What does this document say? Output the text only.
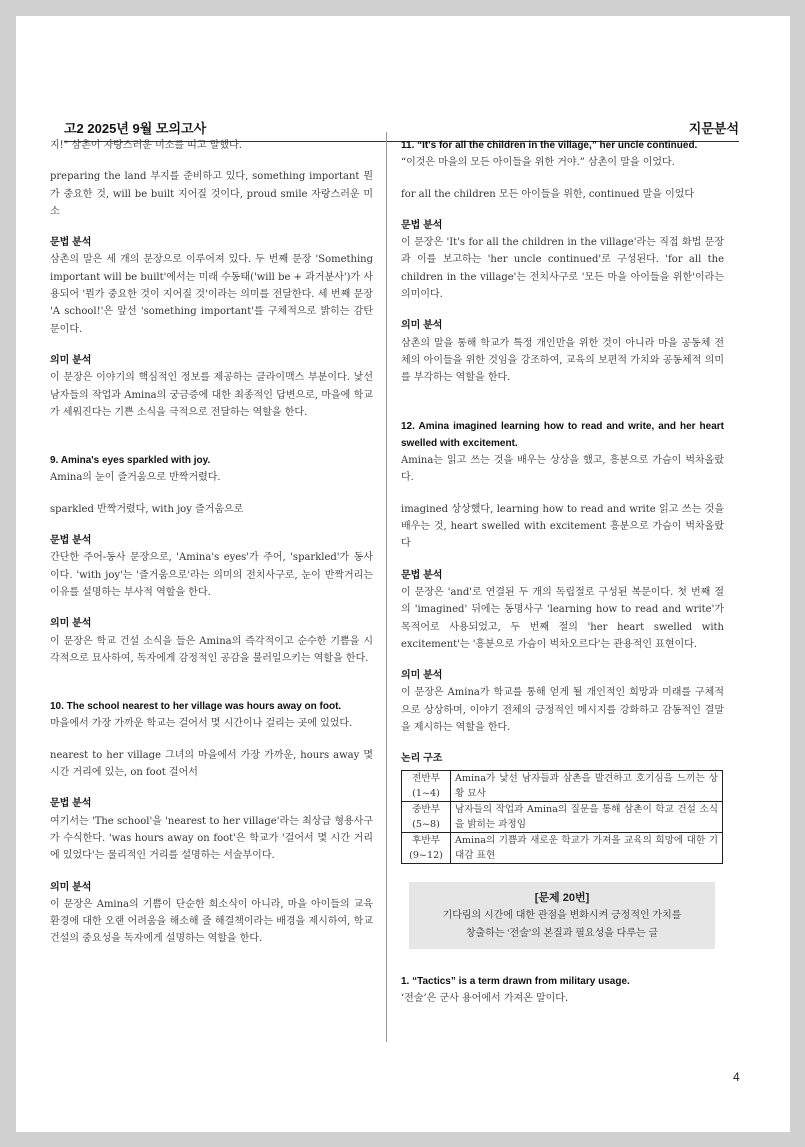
고2 2025년 9월 모의고사	지문분석

지!" 삼촌이 자랑스러운 미소를 띠고 말했다.

preparing the land 부지를 준비하고 있다, something important 뭔가 중요한 것, will be built 지어질 것이다, proud smile 자랑스러운 미소

문법 분석

삼촌의 말은 세 개의 문장으로 이루어져 있다. 두 번째 문장 'Something important will be built'에서는 미래 수동태('will be + 과거분사')가 사용되어 '뭔가 중요한 것이 지어질 것'이라는 의미를 전달한다. 세 번째 문장 'A school!'은 앞선 'something important'를 구체적으로 밝히는 감탄문이다.

의미 분석

이 문장은 이야기의 핵심적인 정보를 제공하는 클라이맥스 부분이다. 낯선 남자들의 작업과 Amina의 궁금증에 대한 최종적인 답변으로, 마을에 학교가 세워진다는 기쁜 소식을 극적으로 전달하는 역할을 한다.

9. Amina's eyes sparkled with joy.

Amina의 눈이 즐거움으로 반짝거렸다.

sparkled 반짝거렸다, with joy 즐거움으로

문법 분석

간단한 주어-동사 문장으로, 'Amina's eyes'가 주어, 'sparkled'가 동사이다. 'with joy'는 '즐거움으로'라는 의미의 전치사구로, 눈이 반짝거리는 이유를 설명하는 부사적 역할을 한다.

의미 분석

이 문장은 학교 건설 소식을 들은 Amina의 즉각적이고 순수한 기쁨을 시각적으로 묘사하여, 독자에게 감정적인 공감을 불러일으키는 역할을 한다.

10. The school nearest to her village was hours away on foot.

마을에서 가장 가까운 학교는 걸어서 몇 시간이나 걸리는 곳에 있었다.

nearest to her village 그녀의 마을에서 가장 가까운, hours away 몇 시간 거리에 있는, on foot 걸어서

문법 분석

여기서는 'The school'을 'nearest to her village'라는 최상급 형용사구가 수식한다. 'was hours away on foot'은 학교가 '걸어서 몇 시간 거리에 있었다'는 물리적인 거리를 설명하는 서술부이다.

의미 분석

이 문장은 Amina의 기쁨이 단순한 희소식이 아니라, 마을 아이들의 교육 환경에 대한 오랜 어려움을 해소해 줄 해결책이라는 배경을 제시하여, 학교 건설의 중요성을 독자에게 설명하는 역할을 한다.

11. “It's for all the children in the village,” her uncle continued.

“이것은 마을의 모든 아이들을 위한 거야.” 삼촌이 말을 이었다.

for all the children 모든 아이들을 위한, continued 말을 이었다

문법 분석

이 문장은 'It's for all the children in the village'라는 직접 화법 문장과 이를 보고하는 'her uncle continued'로 구성된다. 'for all the children in the village'는 전치사구로 '모든 마을 아이들을 위한'이라는 의미이다.

의미 분석

삼촌의 말을 통해 학교가 특정 개인만을 위한 것이 아니라 마을 공동체 전체의 아이들을 위한 것임을 강조하여, 교육의 보편적 가치와 공동체적 의미를 부각하는 역할을 한다.

12. Amina imagined learning how to read and write, and her heart swelled with excitement.

Amina는 읽고 쓰는 것을 배우는 상상을 했고, 흥분으로 가슴이 벅차올랐다.

imagined 상상했다, learning how to read and write 읽고 쓰는 것을 배우는 것, heart swelled with excitement 흥분으로 가슴이 벅차올랐다

문법 분석

이 문장은 'and'로 연결된 두 개의 독립절로 구성된 복문이다. 첫 번째 절의 'imagined' 뒤에는 동명사구 'learning how to read and write'가 목적어로 사용되었고, 두 번째 절의 'her heart swelled with excitement'는 '흥분으로 가슴이 벅차오르다'는 관용적인 표현이다.

의미 분석

이 문장은 Amina가 학교를 통해 얻게 될 개인적인 희망과 미래를 구체적으로 상상하며, 이야기 전체의 긍정적인 메시지를 강화하고 감동적인 결말을 제시하는 역할을 한다.

논리 구조

전반부
(1~4)	Amina가 낯선 남자들과 삼촌을 발견하고 호기심을 느끼는 상황 묘사
중반부
(5~8)	남자들의 작업과 Amina의 질문을 통해 삼촌이 학교 건설 소식을 밝히는 과정임
후반부
(9~12)	Amina의 기쁨과 새로운 학교가 가져올 교육의 희망에 대한 기대감 표현
[문제 20번]
기다림의 시간에 대한 관점을 변화시켜 긍정적인 가치를
창출하는 ‘전술’의 본질과 필요성을 다루는 글

1. “Tactics” is a term drawn from military usage.

‘전술’은 군사 용어에서 가져온 말이다.

4
